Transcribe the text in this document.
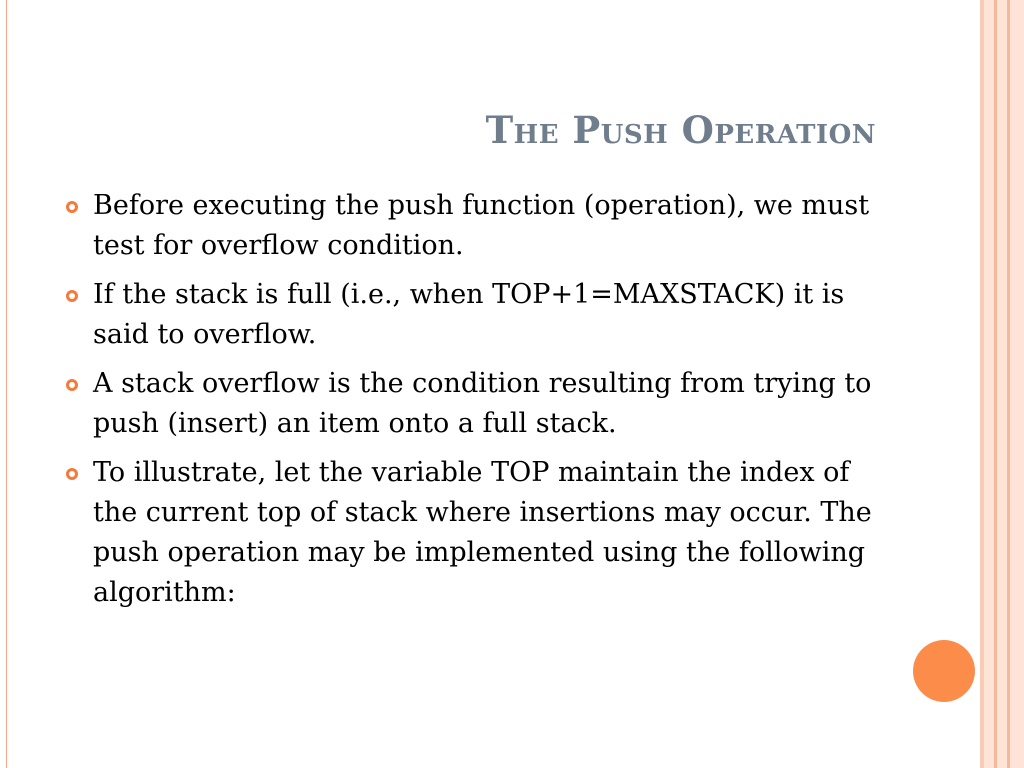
The Push Operation
Before executing the push function (operation), we must test for overflow condition.
If the stack is full (i.e., when TOP+1=MAXSTACK) it is said to overflow.
A stack overflow is the condition resulting from trying to push (insert) an item onto a full stack.
To illustrate, let the variable TOP maintain the index of the current top of stack where insertions may occur. The push operation may be implemented using the following algorithm:
